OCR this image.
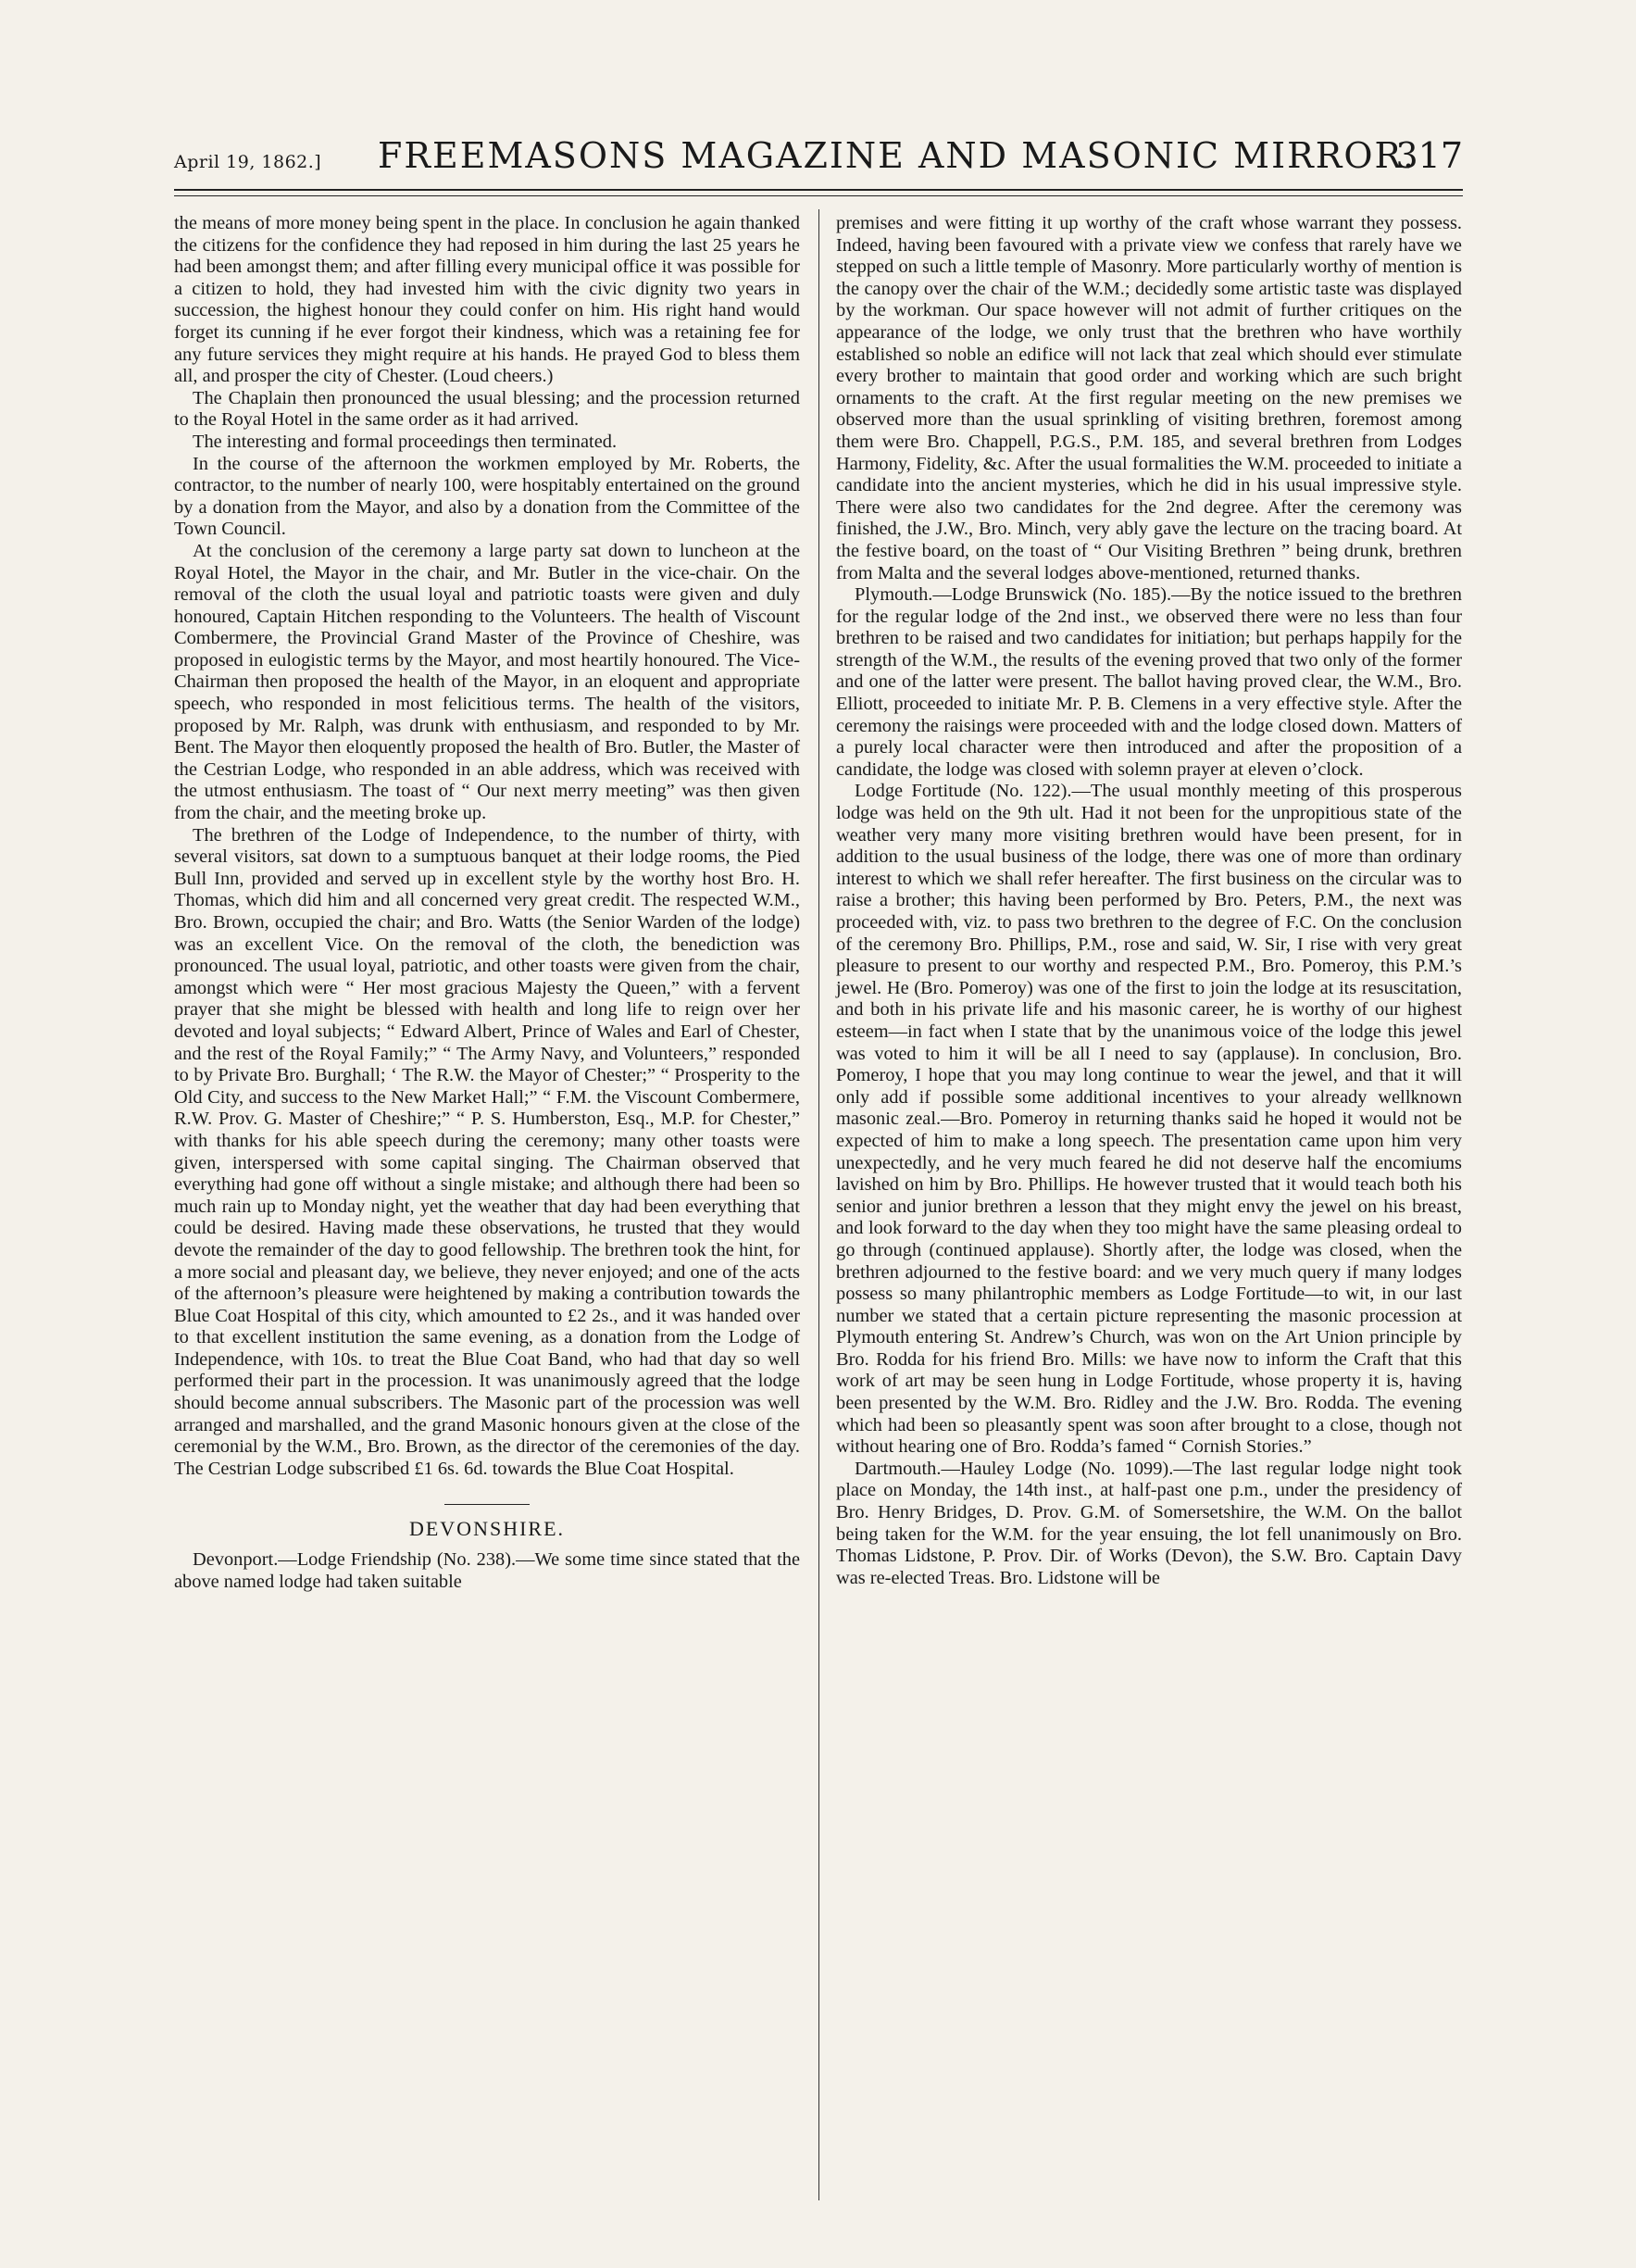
April 19, 1862.] FREEMASONS MAGAZINE AND MASONIC MIRROR.
317

the means of more money being spent in the place. In conclusion he again thanked the citizens for the confidence they had reposed in him during the last 25 years he had been amongst them; and after filling every municipal office it was possible for a citizen to hold, they had invested him with the civic dignity two years in succession, the highest honour they could confer on him. His right hand would forget its cunning if he ever forgot their kindness, which was a retaining fee for any future services they might require at his hands. He prayed God to bless them all, and prosper the city of Chester. (Loud cheers.)

The Chaplain then pronounced the usual blessing; and the procession returned to the Royal Hotel in the same order as it had arrived.

The interesting and formal proceedings then terminated.

In the course of the afternoon the workmen employed by Mr. Roberts, the contractor, to the number of nearly 100, were hospitably entertained on the ground by a donation from the Mayor, and also by a donation from the Committee of the Town Council.

At the conclusion of the ceremony a large party sat down to luncheon at the Royal Hotel, the Mayor in the chair, and Mr. Butler in the vice-chair. On the removal of the cloth the usual loyal and patriotic toasts were given and duly honoured, Captain Hitchen responding to the Volunteers. The health of Viscount Combermere, the Provincial Grand Master of the Province of Cheshire, was proposed in eulogistic terms by the Mayor, and most heartily honoured. The Vice-Chairman then proposed the health of the Mayor, in an eloquent and appropriate speech, who responded in most felicitious terms. The health of the visitors, proposed by Mr. Ralph, was drunk with enthusiasm, and responded to by Mr. Bent. The Mayor then eloquently proposed the health of Bro. Butler, the Master of the Cestrian Lodge, who responded in an able address, which was received with the utmost enthusiasm. The toast of “ Our next merry meeting” was then given from the chair, and the meeting broke up.

The brethren of the Lodge of Independence, to the number of thirty, with several visitors, sat down to a sumptuous banquet at their lodge rooms, the Pied Bull Inn, provided and served up in excellent style by the worthy host Bro. H. Thomas, which did him and all concerned very great credit. The respected W.M., Bro. Brown, occupied the chair; and Bro. Watts (the Senior Warden of the lodge) was an excellent Vice. On the removal of the cloth, the benediction was pronounced. The usual loyal, patriotic, and other toasts were given from the chair, amongst which were “ Her most gracious Majesty the Queen,” with a fervent prayer that she might be blessed with health and long life to reign over her devoted and loyal subjects; “ Edward Albert, Prince of Wales and Earl of Chester, and the rest of the Royal Family;” “ The Army Navy, and Volunteers,” responded to by Private Bro. Burghall; ‘ The R.W. the Mayor of Chester;” “ Prosperity to the Old City, and success to the New Market Hall;” “ F.M. the Viscount Combermere, R.W. Prov. G. Master of Cheshire;” “ P. S. Humberston, Esq., M.P. for Chester,” with thanks for his able speech during the ceremony; many other toasts were given, interspersed with some capital singing. The Chairman observed that everything had gone off without a single mistake; and although there had been so much rain up to Monday night, yet the weather that day had been everything that could be desired. Having made these observations, he trusted that they would devote the remainder of the day to good fellowship. The brethren took the hint, for a more social and pleasant day, we believe, they never enjoyed; and one of the acts of the afternoon’s pleasure were heightened by making a contribution towards the Blue Coat Hospital of this city, which amounted to £2 2s., and it was handed over to that excellent institution the same evening, as a donation from the Lodge of Independence, with 10s. to treat the Blue Coat Band, who had that day so well performed their part in the procession. It was unanimously agreed that the lodge should become annual subscribers. The Masonic part of the procession was well arranged and marshalled, and the grand Masonic honours given at the close of the ceremonial by the W.M., Bro. Brown, as the director of the ceremonies of the day. The Cestrian Lodge subscribed £1 6s. 6d. towards the Blue Coat Hospital.

DEVONSHIRE.

Devonport.—Lodge Friendship (No. 238).—We some time since stated that the above named lodge had taken suitable

premises and were fitting it up worthy of the craft whose warrant they possess. Indeed, having been favoured with a private view we confess that rarely have we stepped on such a little temple of Masonry. More particularly worthy of mention is the canopy over the chair of the W.M.; decidedly some artistic taste was displayed by the workman. Our space however will not admit of further critiques on the appearance of the lodge, we only trust that the brethren who have worthily established so noble an edifice will not lack that zeal which should ever stimulate every brother to maintain that good order and working which are such bright ornaments to the craft. At the first regular meeting on the new premises we observed more than the usual sprinkling of visiting brethren, foremost among them were Bro. Chappell, P.G.S., P.M. 185, and several brethren from Lodges Harmony, Fidelity, &c. After the usual formalities the W.M. proceeded to initiate a candidate into the ancient mysteries, which he did in his usual impressive style. There were also two candidates for the 2nd degree. After the ceremony was finished, the J.W., Bro. Minch, very ably gave the lecture on the tracing board. At the festive board, on the toast of “ Our Visiting Brethren ” being drunk, brethren from Malta and the several lodges above-mentioned, returned thanks.

Plymouth.—Lodge Brunswick (No. 185).—By the notice issued to the brethren for the regular lodge of the 2nd inst., we observed there were no less than four brethren to be raised and two candidates for initiation; but perhaps happily for the strength of the W.M., the results of the evening proved that two only of the former and one of the latter were present. The ballot having proved clear, the W.M., Bro. Elliott, proceeded to initiate Mr. P. B. Clemens in a very effective style. After the ceremony the raisings were proceeded with and the lodge closed down. Matters of a purely local character were then introduced and after the proposition of a candidate, the lodge was closed with solemn prayer at eleven o’clock.

Lodge Fortitude (No. 122).—The usual monthly meeting of this prosperous lodge was held on the 9th ult. Had it not been for the unpropitious state of the weather very many more visiting brethren would have been present, for in addition to the usual business of the lodge, there was one of more than ordinary interest to which we shall refer hereafter. The first business on the circular was to raise a brother; this having been performed by Bro. Peters, P.M., the next was proceeded with, viz. to pass two brethren to the degree of F.C. On the conclusion of the ceremony Bro. Phillips, P.M., rose and said, W. Sir, I rise with very great pleasure to present to our worthy and respected P.M., Bro. Pomeroy, this P.M.’s jewel. He (Bro. Pomeroy) was one of the first to join the lodge at its resuscitation, and both in his private life and his masonic career, he is worthy of our highest esteem—in fact when I state that by the unanimous voice of the lodge this jewel was voted to him it will be all I need to say (applause). In conclusion, Bro. Pomeroy, I hope that you may long continue to wear the jewel, and that it will only add if possible some additional incentives to your already wellknown masonic zeal.—Bro. Pomeroy in returning thanks said he hoped it would not be expected of him to make a long speech. The presentation came upon him very unexpectedly, and he very much feared he did not deserve half the encomiums lavished on him by Bro. Phillips. He however trusted that it would teach both his senior and junior brethren a lesson that they might envy the jewel on his breast, and look forward to the day when they too might have the same pleasing ordeal to go through (continued applause). Shortly after, the lodge was closed, when the brethren adjourned to the festive board: and we very much query if many lodges possess so many philantrophic members as Lodge Fortitude—to wit, in our last number we stated that a certain picture representing the masonic procession at Plymouth entering St. Andrew’s Church, was won on the Art Union principle by Bro. Rodda for his friend Bro. Mills: we have now to inform the Craft that this work of art may be seen hung in Lodge Fortitude, whose property it is, having been presented by the W.M. Bro. Ridley and the J.W. Bro. Rodda. The evening which had been so pleasantly spent was soon after brought to a close, though not without hearing one of Bro. Rodda’s famed “ Cornish Stories.”

Dartmouth.—Hauley Lodge (No. 1099).—The last regular lodge night took place on Monday, the 14th inst., at half-past one p.m., under the presidency of Bro. Henry Bridges, D. Prov. G.M. of Somersetshire, the W.M. On the ballot being taken for the W.M. for the year ensuing, the lot fell unanimously on Bro. Thomas Lidstone, P. Prov. Dir. of Works (Devon), the S.W. Bro. Captain Davy was re-elected Treas. Bro. Lidstone will be
